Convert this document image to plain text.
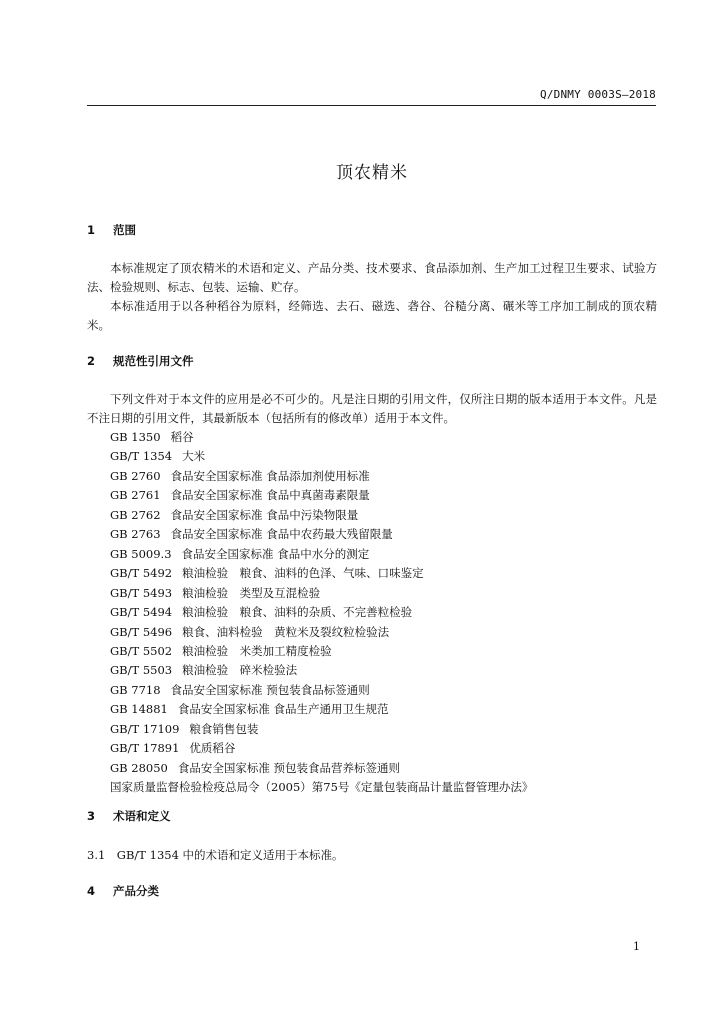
Q/DNMY 0003S—2018
顶农精米
1 范围

本标准规定了顶农精米的术语和定义、产品分类、技术要求、食品添加剂、生产加工过程卫生要求、试验方法、检验规则、标志、包装、运输、贮存。

本标准适用于以各种稻谷为原料，经筛选、去石、磁选、砻谷、谷糙分离、碾米等工序加工制成的顶农精米。

2 规范性引用文件

下列文件对于本文件的应用是必不可少的。凡是注日期的引用文件，仅所注日期的版本适用于本文件。凡是不注日期的引用文件，其最新版本（包括所有的修改单）适用于本文件。

GB 1350 稻谷
GB/T 1354 大米
GB 2760 食品安全国家标准 食品添加剂使用标准
GB 2761 食品安全国家标准 食品中真菌毒素限量
GB 2762 食品安全国家标准 食品中污染物限量
GB 2763 食品安全国家标准 食品中农药最大残留限量
GB 5009.3 食品安全国家标准 食品中水分的测定
GB/T 5492 粮油检验　粮食、油料的色泽、气味、口味鉴定
GB/T 5493 粮油检验　类型及互混检验
GB/T 5494 粮油检验　粮食、油料的杂质、不完善粒检验
GB/T 5496 粮食、油料检验　黄粒米及裂纹粒检验法
GB/T 5502 粮油检验　米类加工精度检验
GB/T 5503 粮油检验　碎米检验法
GB 7718 食品安全国家标准 预包装食品标签通则
GB 14881 食品安全国家标准 食品生产通用卫生规范
GB/T 17109 粮食销售包装
GB/T 17891 优质稻谷
GB 28050 食品安全国家标准 预包装食品营养标签通则
国家质量监督检验检疫总局令（2005）第75号《定量包装商品计量监督管理办法》
3 术语和定义
3.1　GB/T 1354 中的术语和定义适用于本标准。
4 产品分类
1
